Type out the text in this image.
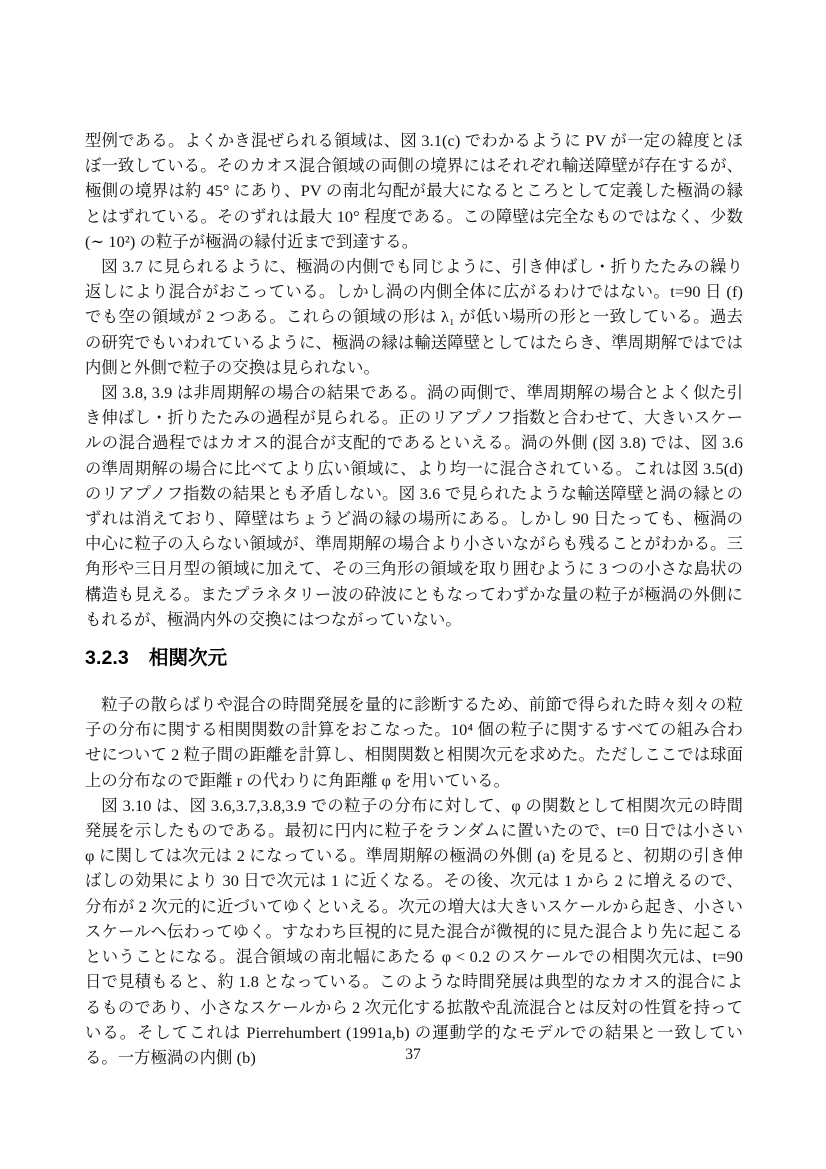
型例である。よくかき混ぜられる領域は、図 3.1(c) でわかるように PV が一定の緯度とほぼ一致している。そのカオス混合領域の両側の境界にはそれぞれ輸送障壁が存在するが、極側の境界は約 45° にあり、PV の南北勾配が最大になるところとして定義した極渦の縁とはずれている。そのずれは最大 10° 程度である。この障壁は完全なものではなく、少数 (∼ 10²) の粒子が極渦の縁付近まで到達する。

図 3.7 に見られるように、極渦の内側でも同じように、引き伸ばし・折りたたみの繰り返しにより混合がおこっている。しかし渦の内側全体に広がるわけではない。t=90 日 (f) でも空の領域が 2 つある。これらの領域の形は λ₁ が低い場所の形と一致している。過去の研究でもいわれているように、極渦の縁は輸送障壁としてはたらき、準周期解ではでは内側と外側で粒子の交換は見られない。

図 3.8, 3.9 は非周期解の場合の結果である。渦の両側で、準周期解の場合とよく似た引き伸ばし・折りたたみの過程が見られる。正のリアプノフ指数と合わせて、大きいスケールの混合過程ではカオス的混合が支配的であるといえる。渦の外側 (図 3.8) では、図 3.6 の準周期解の場合に比べてより広い領域に、より均一に混合されている。これは図 3.5(d) のリアプノフ指数の結果とも矛盾しない。図 3.6 で見られたような輸送障壁と渦の縁とのずれは消えており、障壁はちょうど渦の縁の場所にある。しかし 90 日たっても、極渦の中心に粒子の入らない領域が、準周期解の場合より小さいながらも残ることがわかる。三角形や三日月型の領域に加えて、その三角形の領域を取り囲むように 3 つの小さな島状の構造も見える。またプラネタリー波の砕波にともなってわずかな量の粒子が極渦の外側にもれるが、極渦内外の交換にはつながっていない。

3.2.3 相関次元

粒子の散らばりや混合の時間発展を量的に診断するため、前節で得られた時々刻々の粒子の分布に関する相関関数の計算をおこなった。10⁴ 個の粒子に関するすべての組み合わせについて 2 粒子間の距離を計算し、相関関数と相関次元を求めた。ただしここでは球面上の分布なので距離 r の代わりに角距離 φ を用いている。

図 3.10 は、図 3.6,3.7,3.8,3.9 での粒子の分布に対して、φ の関数として相関次元の時間発展を示したものである。最初に円内に粒子をランダムに置いたので、t=0 日では小さい φ に関しては次元は 2 になっている。準周期解の極渦の外側 (a) を見ると、初期の引き伸ばしの効果により 30 日で次元は 1 に近くなる。その後、次元は 1 から 2 に増えるので、分布が 2 次元的に近づいてゆくといえる。次元の増大は大きいスケールから起き、小さいスケールへ伝わってゆく。すなわち巨視的に見た混合が微視的に見た混合より先に起こるということになる。混合領域の南北幅にあたる φ < 0.2 のスケールでの相関次元は、t=90 日で見積もると、約 1.8 となっている。このような時間発展は典型的なカオス的混合によるものであり、小さなスケールから 2 次元化する拡散や乱流混合とは反対の性質を持っている。そしてこれは Pierrehumbert (1991a,b) の運動学的なモデルでの結果と一致している。一方極渦の内側 (b)	37
